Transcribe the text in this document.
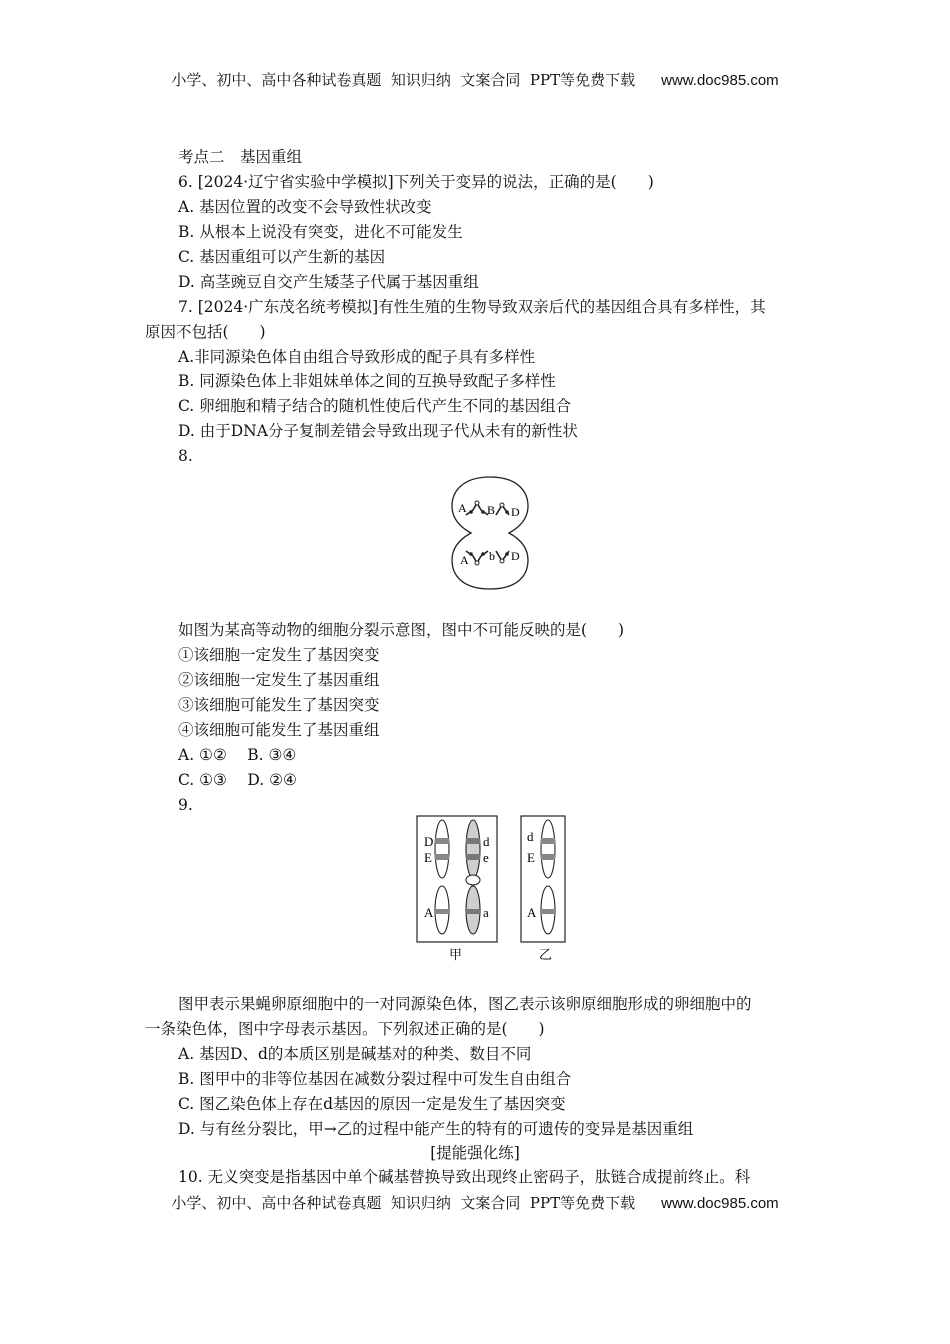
小学、初中、高中各种试卷真题  知识归纳  文案合同  PPT等免费下载 www.doc985.com
考点二　基因重组
6. [2024·辽宁省实验中学模拟]下列关于变异的说法，正确的是(　　)
A. 基因位置的改变不会导致性状改变
B. 从根本上说没有突变，进化不可能发生
C. 基因重组可以产生新的基因
D. 高茎豌豆自交产生矮茎子代属于基因重组
7. [2024·广东茂名统考模拟]有性生殖的生物导致双亲后代的基因组合具有多样性，其
原因不包括(　　)
A.非同源染色体自由组合导致形成的配子具有多样性
B. 同源染色体上非姐妹单体之间的互换导致配子多样性
C. 卵细胞和精子结合的随机性使后代产生不同的基因组合
D. 由于DNA分子复制差错会导致出现子代从未有的新性状
8.
A B D
A b D
如图为某高等动物的细胞分裂示意图，图中不可能反映的是(　　)
①该细胞一定发生了基因突变
②该细胞一定发生了基因重组
③该细胞可能发生了基因突变
④该细胞可能发生了基因重组
A. ①②　 B. ③④
C. ①③　 D. ②④
9.
D
E
A
d
e
a
甲
d
E
A
乙
图甲表示果蝇卵原细胞中的一对同源染色体，图乙表示该卵原细胞形成的卵细胞中的
一条染色体，图中字母表示基因。下列叙述正确的是(　　)
A. 基因D、d的本质区别是碱基对的种类、数目不同
B. 图甲中的非等位基因在减数分裂过程中可发生自由组合
C. 图乙染色体上存在d基因的原因一定是发生了基因突变
D. 与有丝分裂比，甲→乙的过程中能产生的特有的可遗传的变异是基因重组
[提能强化练]
10. 无义突变是指基因中单个碱基替换导致出现终止密码子，肽链合成提前终止。科
小学、初中、高中各种试卷真题  知识归纳  文案合同  PPT等免费下载 www.doc985.com
